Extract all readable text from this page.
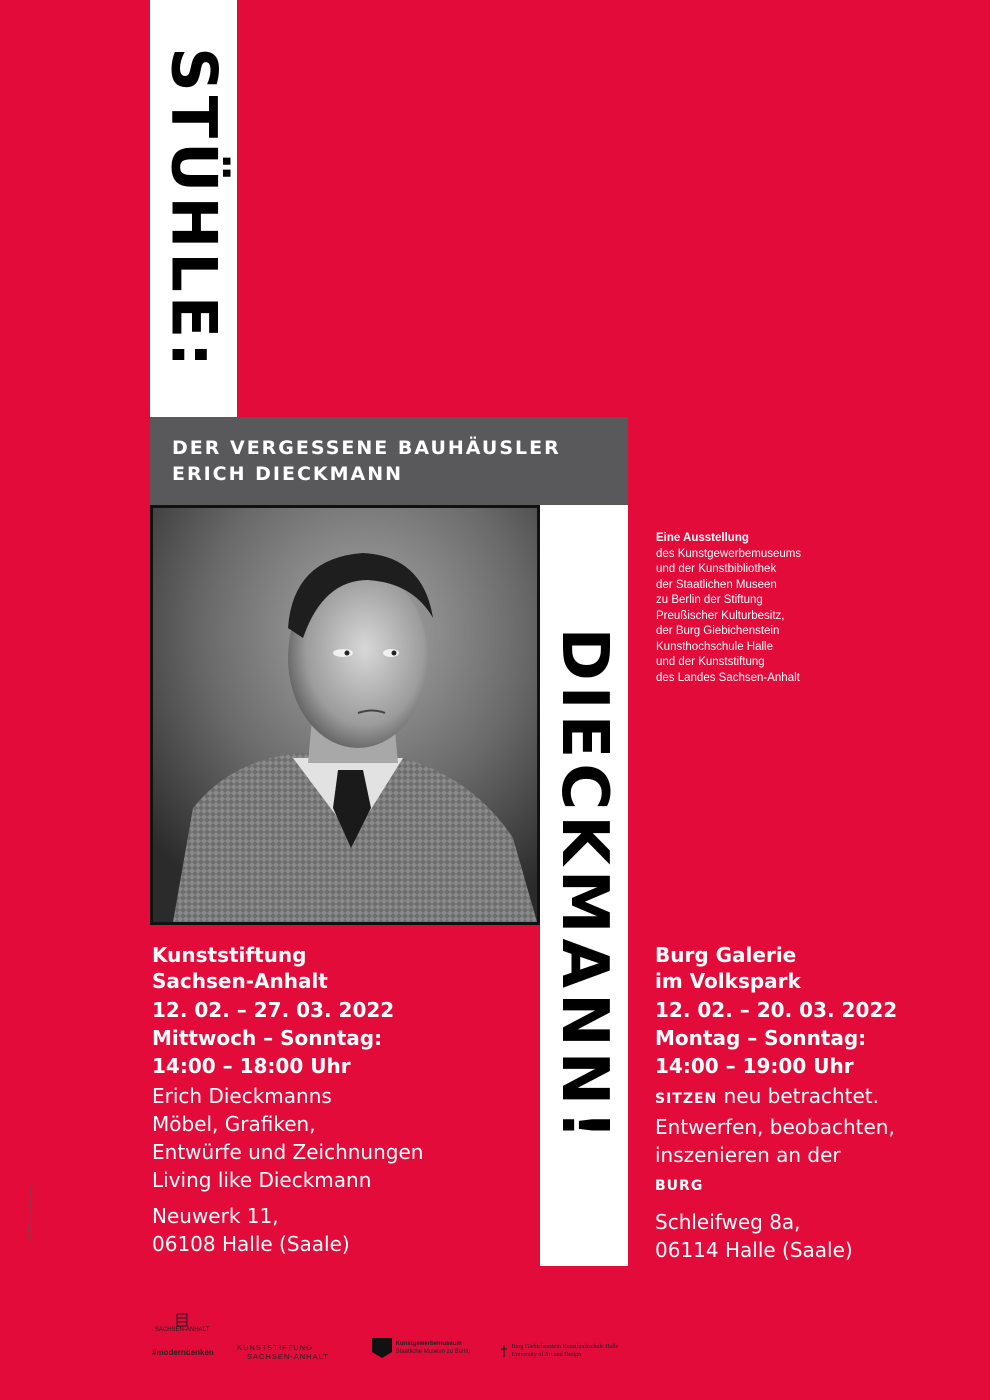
STÜHLE:
DER VERGESSENE BAUHÄUSLER
ERICH DIECKMANN
DIECKMANN!
Eine Ausstellung
des Kunstgewerbemuseums
und der Kunstbibliothek
der Staatlichen Museen
zu Berlin der Stiftung
Preußischer Kulturbesitz,
der Burg Giebichenstein
Kunsthochschule Halle
und der Kunststiftung
des Landes Sachsen-Anhalt
Kunststiftung
Sachsen-Anhalt
12. 02. – 27. 03. 2022
Mittwoch – Sonntag:
14:00 – 18:00 Uhr
Erich Dieckmanns
Möbel, Grafiken,
Entwürfe und Zeichnungen
Living like Dieckmann
Neuwerk 11,
06108 Halle (Saale)
Burg Galerie
im Volkspark
12. 02. – 20. 03. 2022
Montag – Sonntag:
14:00 – 19:00 Uhr
SITZEN neu betrachtet.
Entwerfen, beobachten,
inszenieren an der
BURG
Schleifweg 8a,
06114 Halle (Saale)
© 2022 erich dieckmann
SACHSEN-ANHALT
#moderndenken
KUNSTSTIFTUNG
SACHSEN-ANHALT

Kunstgewerbemuseum
Staatliche Museen zu Berlin

Burg Giebichenstein Kunsthochschule Halle
University of Art and Design
